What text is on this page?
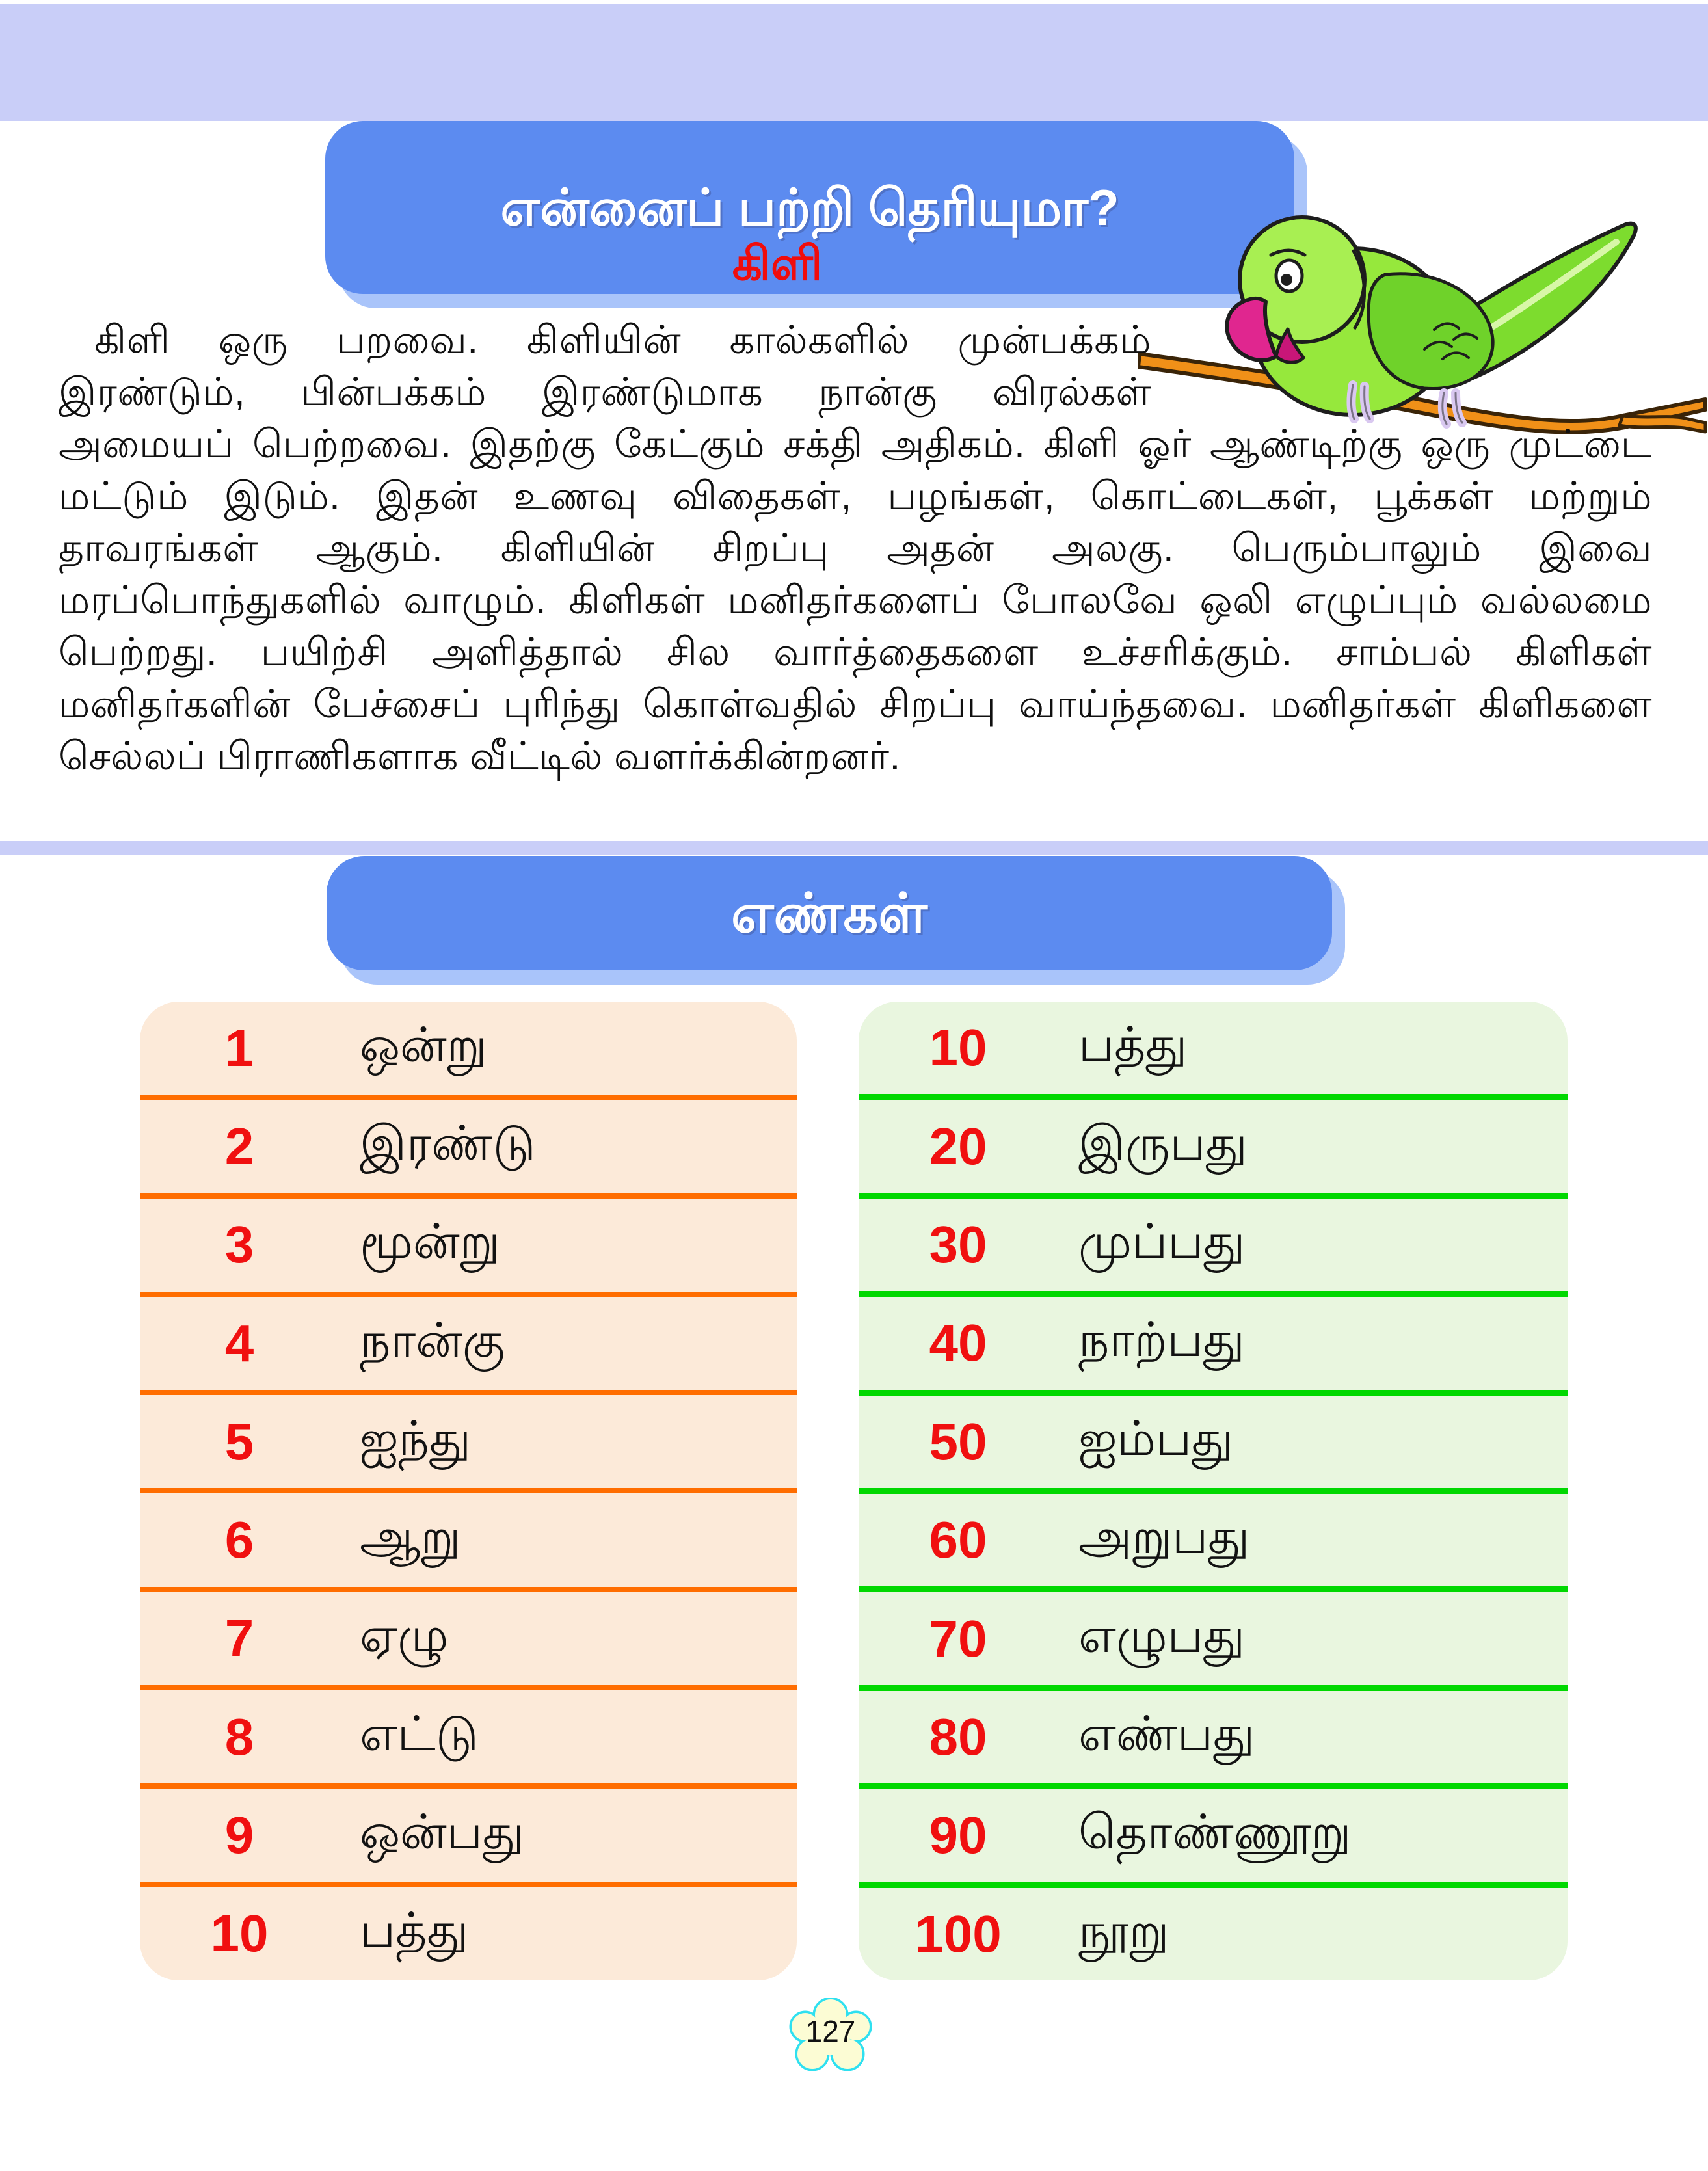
என்னைப் பற்றி தெரியுமா?
கிளி

கிளி ஒரு பறவை. கிளியின் கால்களில் முன்பக்கம் இரண்டும், பின்பக்கம் இரண்டுமாக நான்கு விரல்கள் அமையப் பெற்றவை. இதற்கு கேட்கும் சக்தி அதிகம். கிளி ஓர் ஆண்டிற்கு ஒரு முட்டை மட்டும் இடும். இதன் உணவு விதைகள், பழங்கள், கொட்டைகள், பூக்கள் மற்றும் தாவரங்கள் ஆகும். கிளியின் சிறப்பு அதன் அலகு. பெரும்பாலும் இவை மரப்பொந்துகளில் வாழும். கிளிகள் மனிதர்களைப் போலவே ஒலி எழுப்பும் வல்லமை பெற்றது. பயிற்சி அளித்தால் சில வார்த்தைகளை உச்சரிக்கும். சாம்பல் கிளிகள் மனிதர்களின் பேச்சைப் புரிந்து கொள்வதில் சிறப்பு வாய்ந்தவை. மனிதர்கள் கிளிகளை செல்லப் பிராணிகளாக வீட்டில் வளர்க்கின்றனர்.

எண்கள்
1	ஒன்று
2	இரண்டு
3	மூன்று
4	நான்கு
5	ஐந்து
6	ஆறு
7	ஏழு
8	எட்டு
9	ஒன்பது
10	பத்து
10	பத்து
20	இருபது
30	முப்பது
40	நாற்பது
50	ஐம்பது
60	அறுபது
70	எழுபது
80	எண்பது
90	தொண்ணூறு
100	நூறு
127
